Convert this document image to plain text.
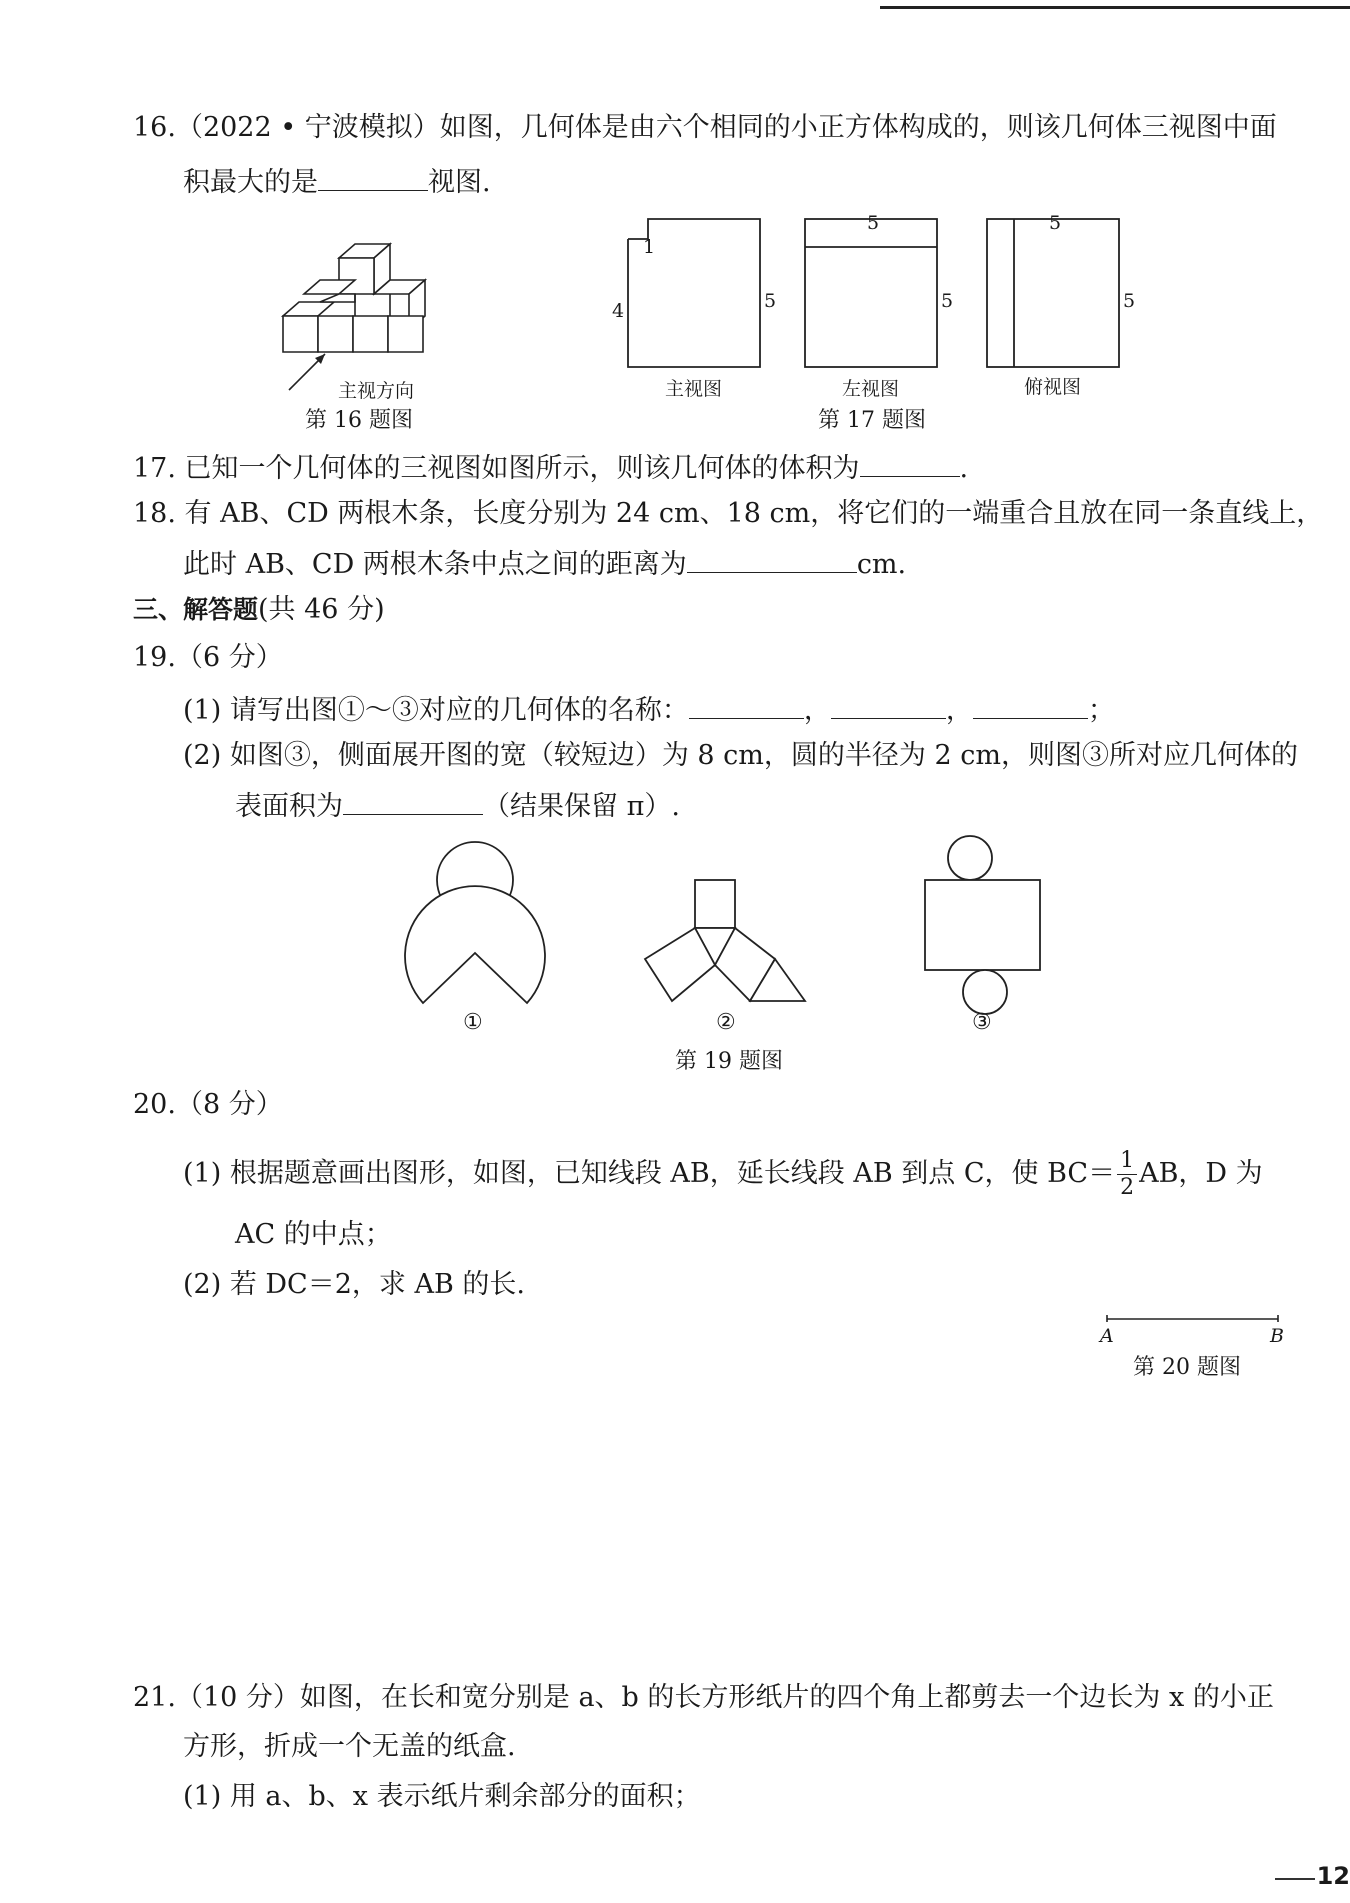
16.（2022 • 宁波模拟）如图，几何体是由六个相同的小正方体构成的，则该几何体三视图中面
积最大的是	视图.
主视方向
第 16 题图
1
4	5
5
5
5
5
主视图	左视图	俯视图
第 17 题图
17. 已知一个几何体的三视图如图所示，则该几何体的体积为	.
18. 有 AB、CD 两根木条，长度分别为 24 cm、18 cm，将它们的一端重合且放在同一条直线上，
此时 AB、CD 两根木条中点之间的距离为	cm.
三、解答题(共 46 分)
19.（6 分）
(1) 请写出图①～③对应的几何体的名称：	，	，	；
(2) 如图③，侧面展开图的宽（较短边）为 8 cm，圆的半径为 2 cm，则图③所对应几何体的
表面积为	（结果保留 π）.
①	②	③
第 19 题图
20.（8 分）
(1) 根据题意画出图形，如图，已知线段 AB，延长线段 AB 到点 C，使 $BC= \frac{1}{2}$ AB，D 为
AC 的中点；
(2) 若 DC＝2，求 AB 的长.
A	B
第 20 题图
21.（10 分）如图，在长和宽分别是 a、b 的长方形纸片的四个角上都剪去一个边长为 x 的小正
方形，折成一个无盖的纸盒.
(1) 用 a、b、x 表示纸片剩余部分的面积；
12
